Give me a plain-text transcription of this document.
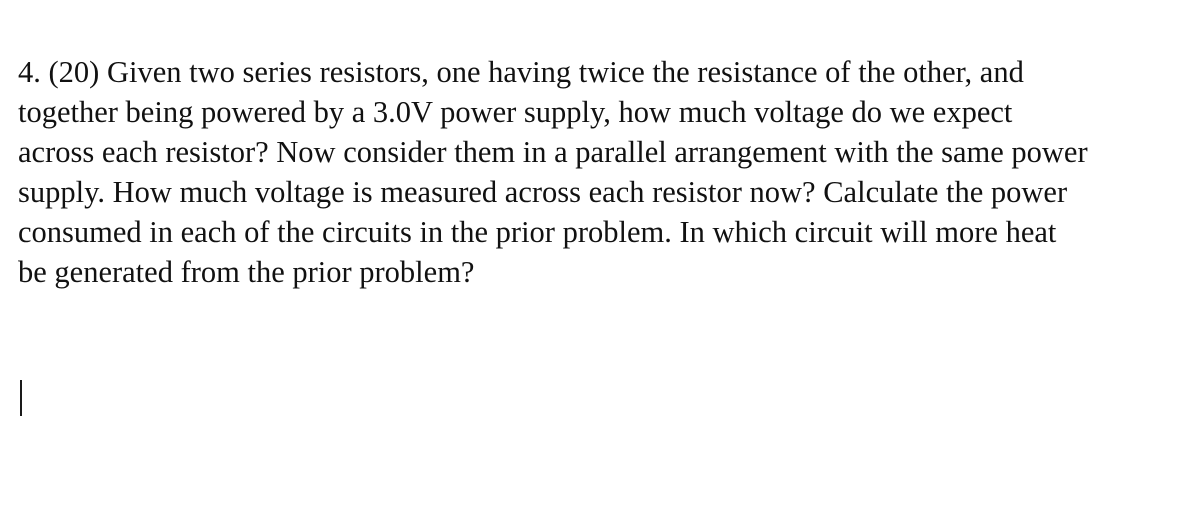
4. (20) Given two series resistors, one having twice the resistance of the other, and
together being powered by a 3.0V power supply, how much voltage do we expect
across each resistor? Now consider them in a parallel arrangement with the same power
supply. How much voltage is measured across each resistor now? Calculate the power
consumed in each of the circuits in the prior problem. In which circuit will more heat
be generated from the prior problem?
